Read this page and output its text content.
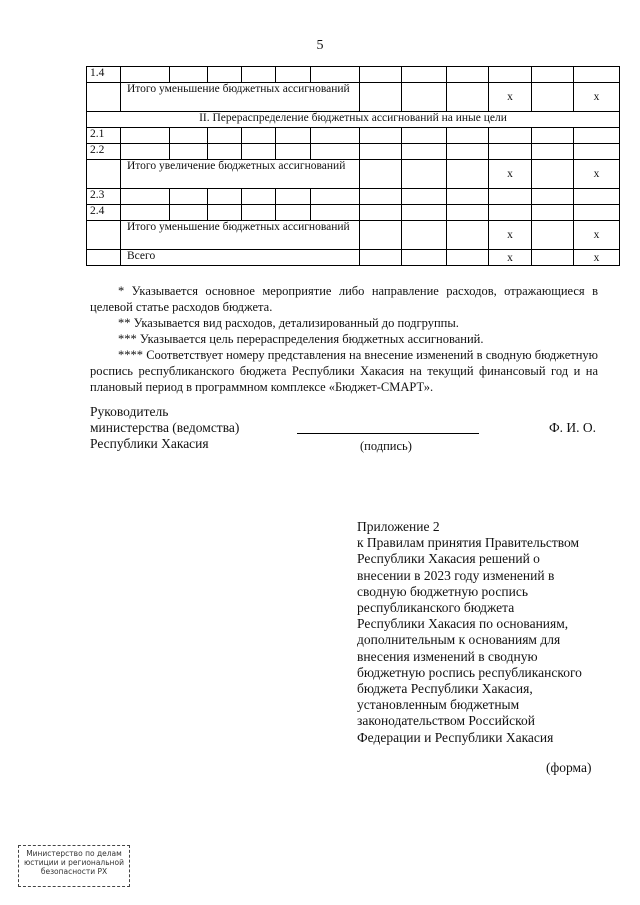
5
1.4												
	Итого уменьшение бюджетных ассигнований									x		x
II. Перераспределение бюджетных ассигнований на иные цели												
2.1												
2.2												
	Итого увеличение бюджетных ассигнований									x		x
2.3												
2.4												
	Итого уменьшение бюджетных ассигнований									x		x
	Всего									x		x

* Указывается основное мероприятие либо направление расходов, отражающиеся в целевой статье расходов бюджета.

** Указывается вид расходов, детализированный до подгруппы.

*** Указывается цель перераспределения бюджетных ассигнований.

**** Соответствует номеру представления на внесение изменений в сводную бюджетную роспись республиканского бюджета Республики Хакасия на текущий финансовый год и на плановый период в программном комплексе «Бюджет-СМАРТ».

Руководитель
министерства (ведомства)
Республики Хакасия	(подпись)
Ф. И. О.
Приложение 2
к Правилам принятия Правительством
Республики Хакасия решений о
внесении в 2023 году изменений в
сводную бюджетную роспись
республиканского бюджета
Республики Хакасия по основаниям,
дополнительным к основаниям для
внесения изменений в сводную
бюджетную роспись республиканского
бюджета Республики Хакасия,
установленным бюджетным
законодательством Российской
Федерации и Республики Хакасия
(форма)
Министерство по делам
юстиции и региональной
безопасности РХ
